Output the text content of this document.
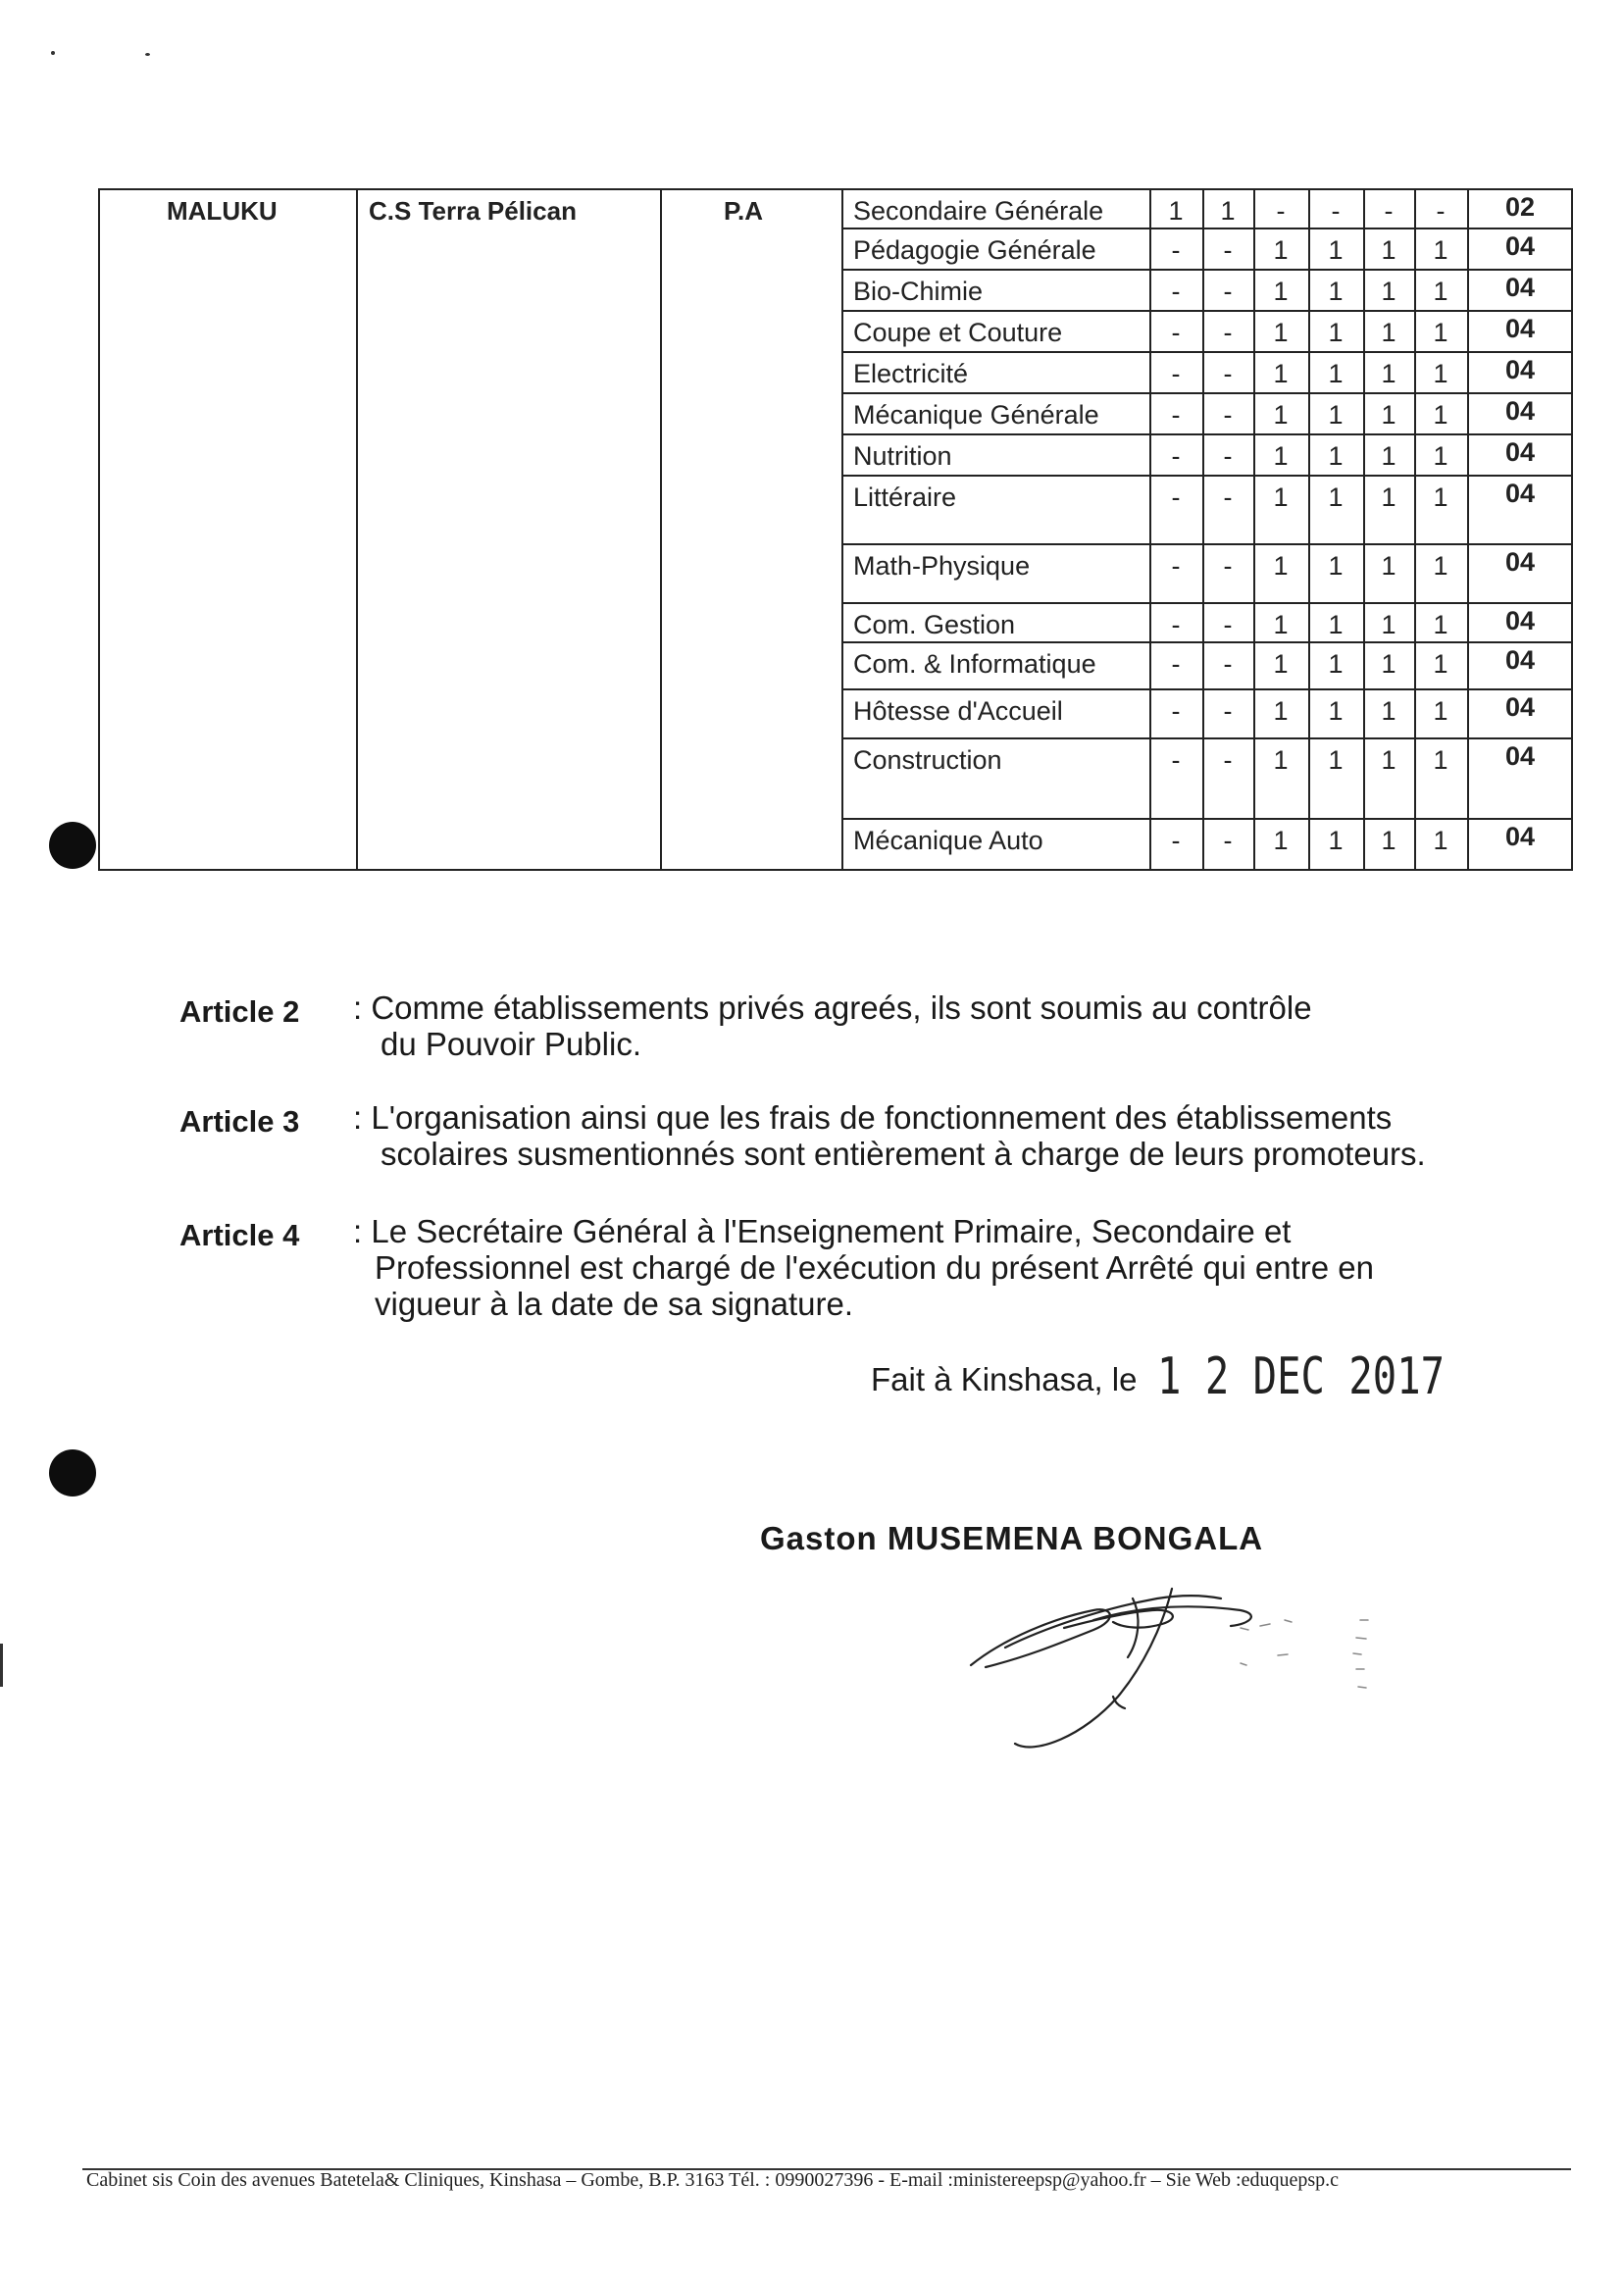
MALUKU	C.S Terra Pélican	P.A	Secondaire Générale	1	1	-	-	-	-	02
Pédagogie Générale	-	-	1	1	1	1	04
Bio-Chimie	-	-	1	1	1	1	04
Coupe et Couture	-	-	1	1	1	1	04
Electricité	-	-	1	1	1	1	04
Mécanique Générale	-	-	1	1	1	1	04
Nutrition	-	-	1	1	1	1	04
Littéraire	-	-	1	1	1	1	04
Math-Physique	-	-	1	1	1	1	04
Com. Gestion	-	-	1	1	1	1	04
Com. & Informatique	-	-	1	1	1	1	04
Hôtesse d'Accueil	-	-	1	1	1	1	04
Construction	-	-	1	1	1	1	04
Mécanique Auto	-	-	1	1	1	1	04
Article 2 : Comme établissements privés agreés, ils sont soumis au contrôle
du Pouvoir Public.
Article 3 : L'organisation ainsi que les frais de fonctionnement des établissements
scolaires susmentionnés sont entièrement à charge de leurs promoteurs.
Article 4 : Le Secrétaire Général à l'Enseignement Primaire, Secondaire et
Professionnel est chargé de l'exécution du présent Arrêté qui entre en
vigueur à la date de sa signature.
Fait à Kinshasa, le 1 2 DEC 2017
Gaston MUSEMENA BONGALA
Cabinet sis Coin des avenues Batetela& Cliniques, Kinshasa – Gombe, B.P. 3163 Tél. : 0990027396 - E-mail :ministereepsp@yahoo.fr – Sie Web :eduquepsp.c
